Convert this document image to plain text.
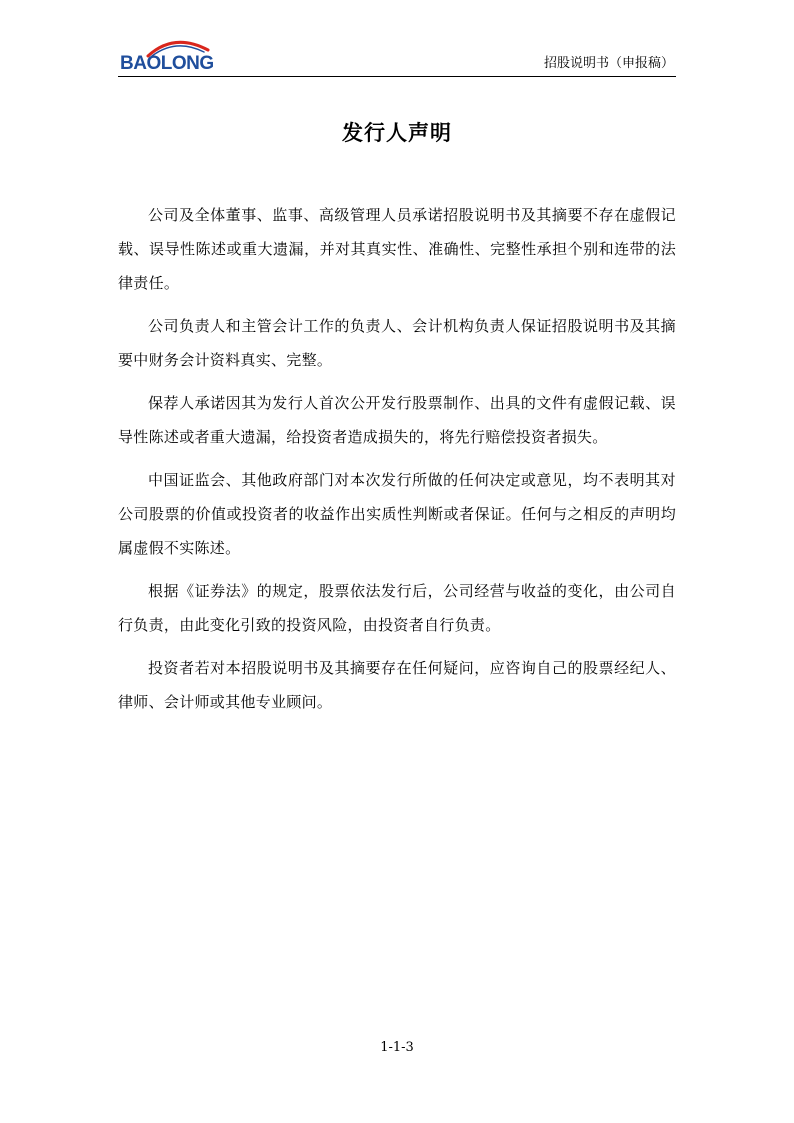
BAOLONG	招股说明书（申报稿）
发行人声明

公司及全体董事、监事、高级管理人员承诺招股说明书及其摘要不存在虚假记载、误导性陈述或重大遗漏，并对其真实性、准确性、完整性承担个别和连带的法律责任。

公司负责人和主管会计工作的负责人、会计机构负责人保证招股说明书及其摘要中财务会计资料真实、完整。

保荐人承诺因其为发行人首次公开发行股票制作、出具的文件有虚假记载、误导性陈述或者重大遗漏，给投资者造成损失的，将先行赔偿投资者损失。

中国证监会、其他政府部门对本次发行所做的任何决定或意见，均不表明其对公司股票的价值或投资者的收益作出实质性判断或者保证。任何与之相反的声明均属虚假不实陈述。

根据《证券法》的规定，股票依法发行后，公司经营与收益的变化，由公司自行负责，由此变化引致的投资风险，由投资者自行负责。

投资者若对本招股说明书及其摘要存在任何疑问，应咨询自己的股票经纪人、律师、会计师或其他专业顾问。

1-1-3
